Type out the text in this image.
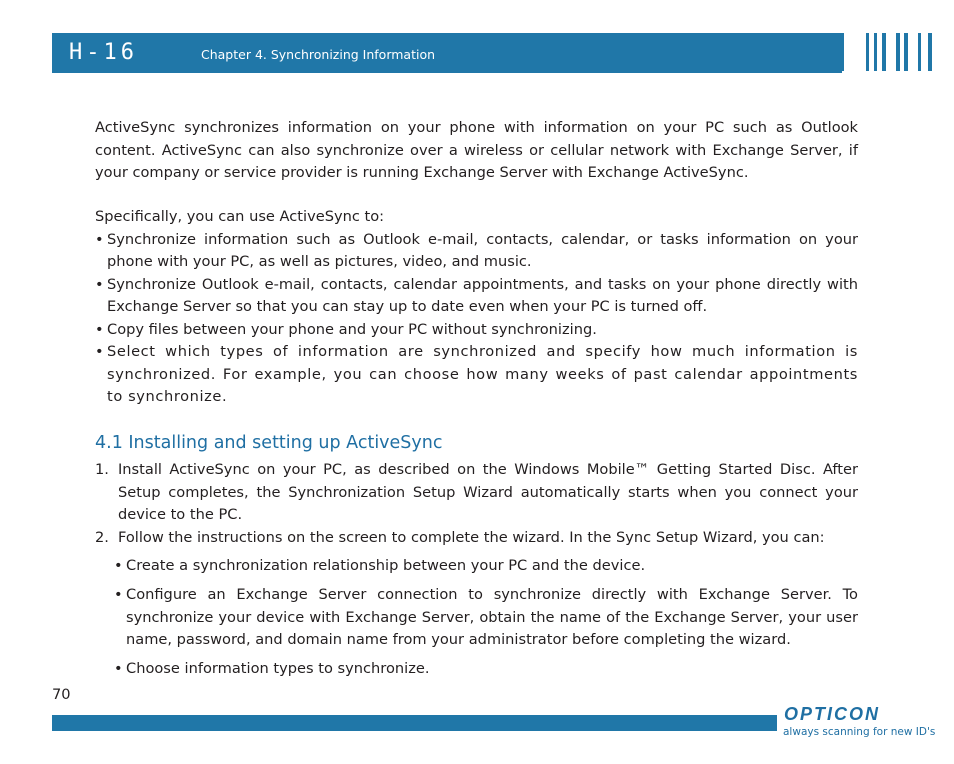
H-16	Chapter 4. Synchronizing Information
ActiveSync synchronizes information on your phone with information on your PC such as Outlook content. ActiveSync can also synchronize over a wireless or cellular network with Exchange Server, if your company or service provider is running Exchange Server with Exchange ActiveSync.
Specifically, you can use ActiveSync to:
• Synchronize information such as Outlook e-mail, contacts, calendar, or tasks information on your phone with your PC, as well as pictures, video, and music.
• Synchronize Outlook e-mail, contacts, calendar appointments, and tasks on your phone directly with Exchange Server so that you can stay up to date even when your PC is turned off.
• Copy files between your phone and your PC without synchronizing.
• Select which types of information are synchronized and specify how much information is synchronized. For example, you can choose how many weeks of past calendar appointments to synchronize.
4.1 Installing and setting up ActiveSync
1. Install ActiveSync on your PC, as described on the Windows Mobile™ Getting Started Disc. After Setup completes, the Synchronization Setup Wizard automatically starts when you connect your device to the PC.
2. Follow the instructions on the screen to complete the wizard. In the Sync Setup Wizard, you can:
• Create a synchronization relationship between your PC and the device.
• Configure an Exchange Server connection to synchronize directly with Exchange Server. To synchronize your device with Exchange Server, obtain the name of the Exchange Server, your user name, password, and domain name from your administrator before completing the wizard.
• Choose information types to synchronize.
70
OPTICON
always scanning for new ID's
